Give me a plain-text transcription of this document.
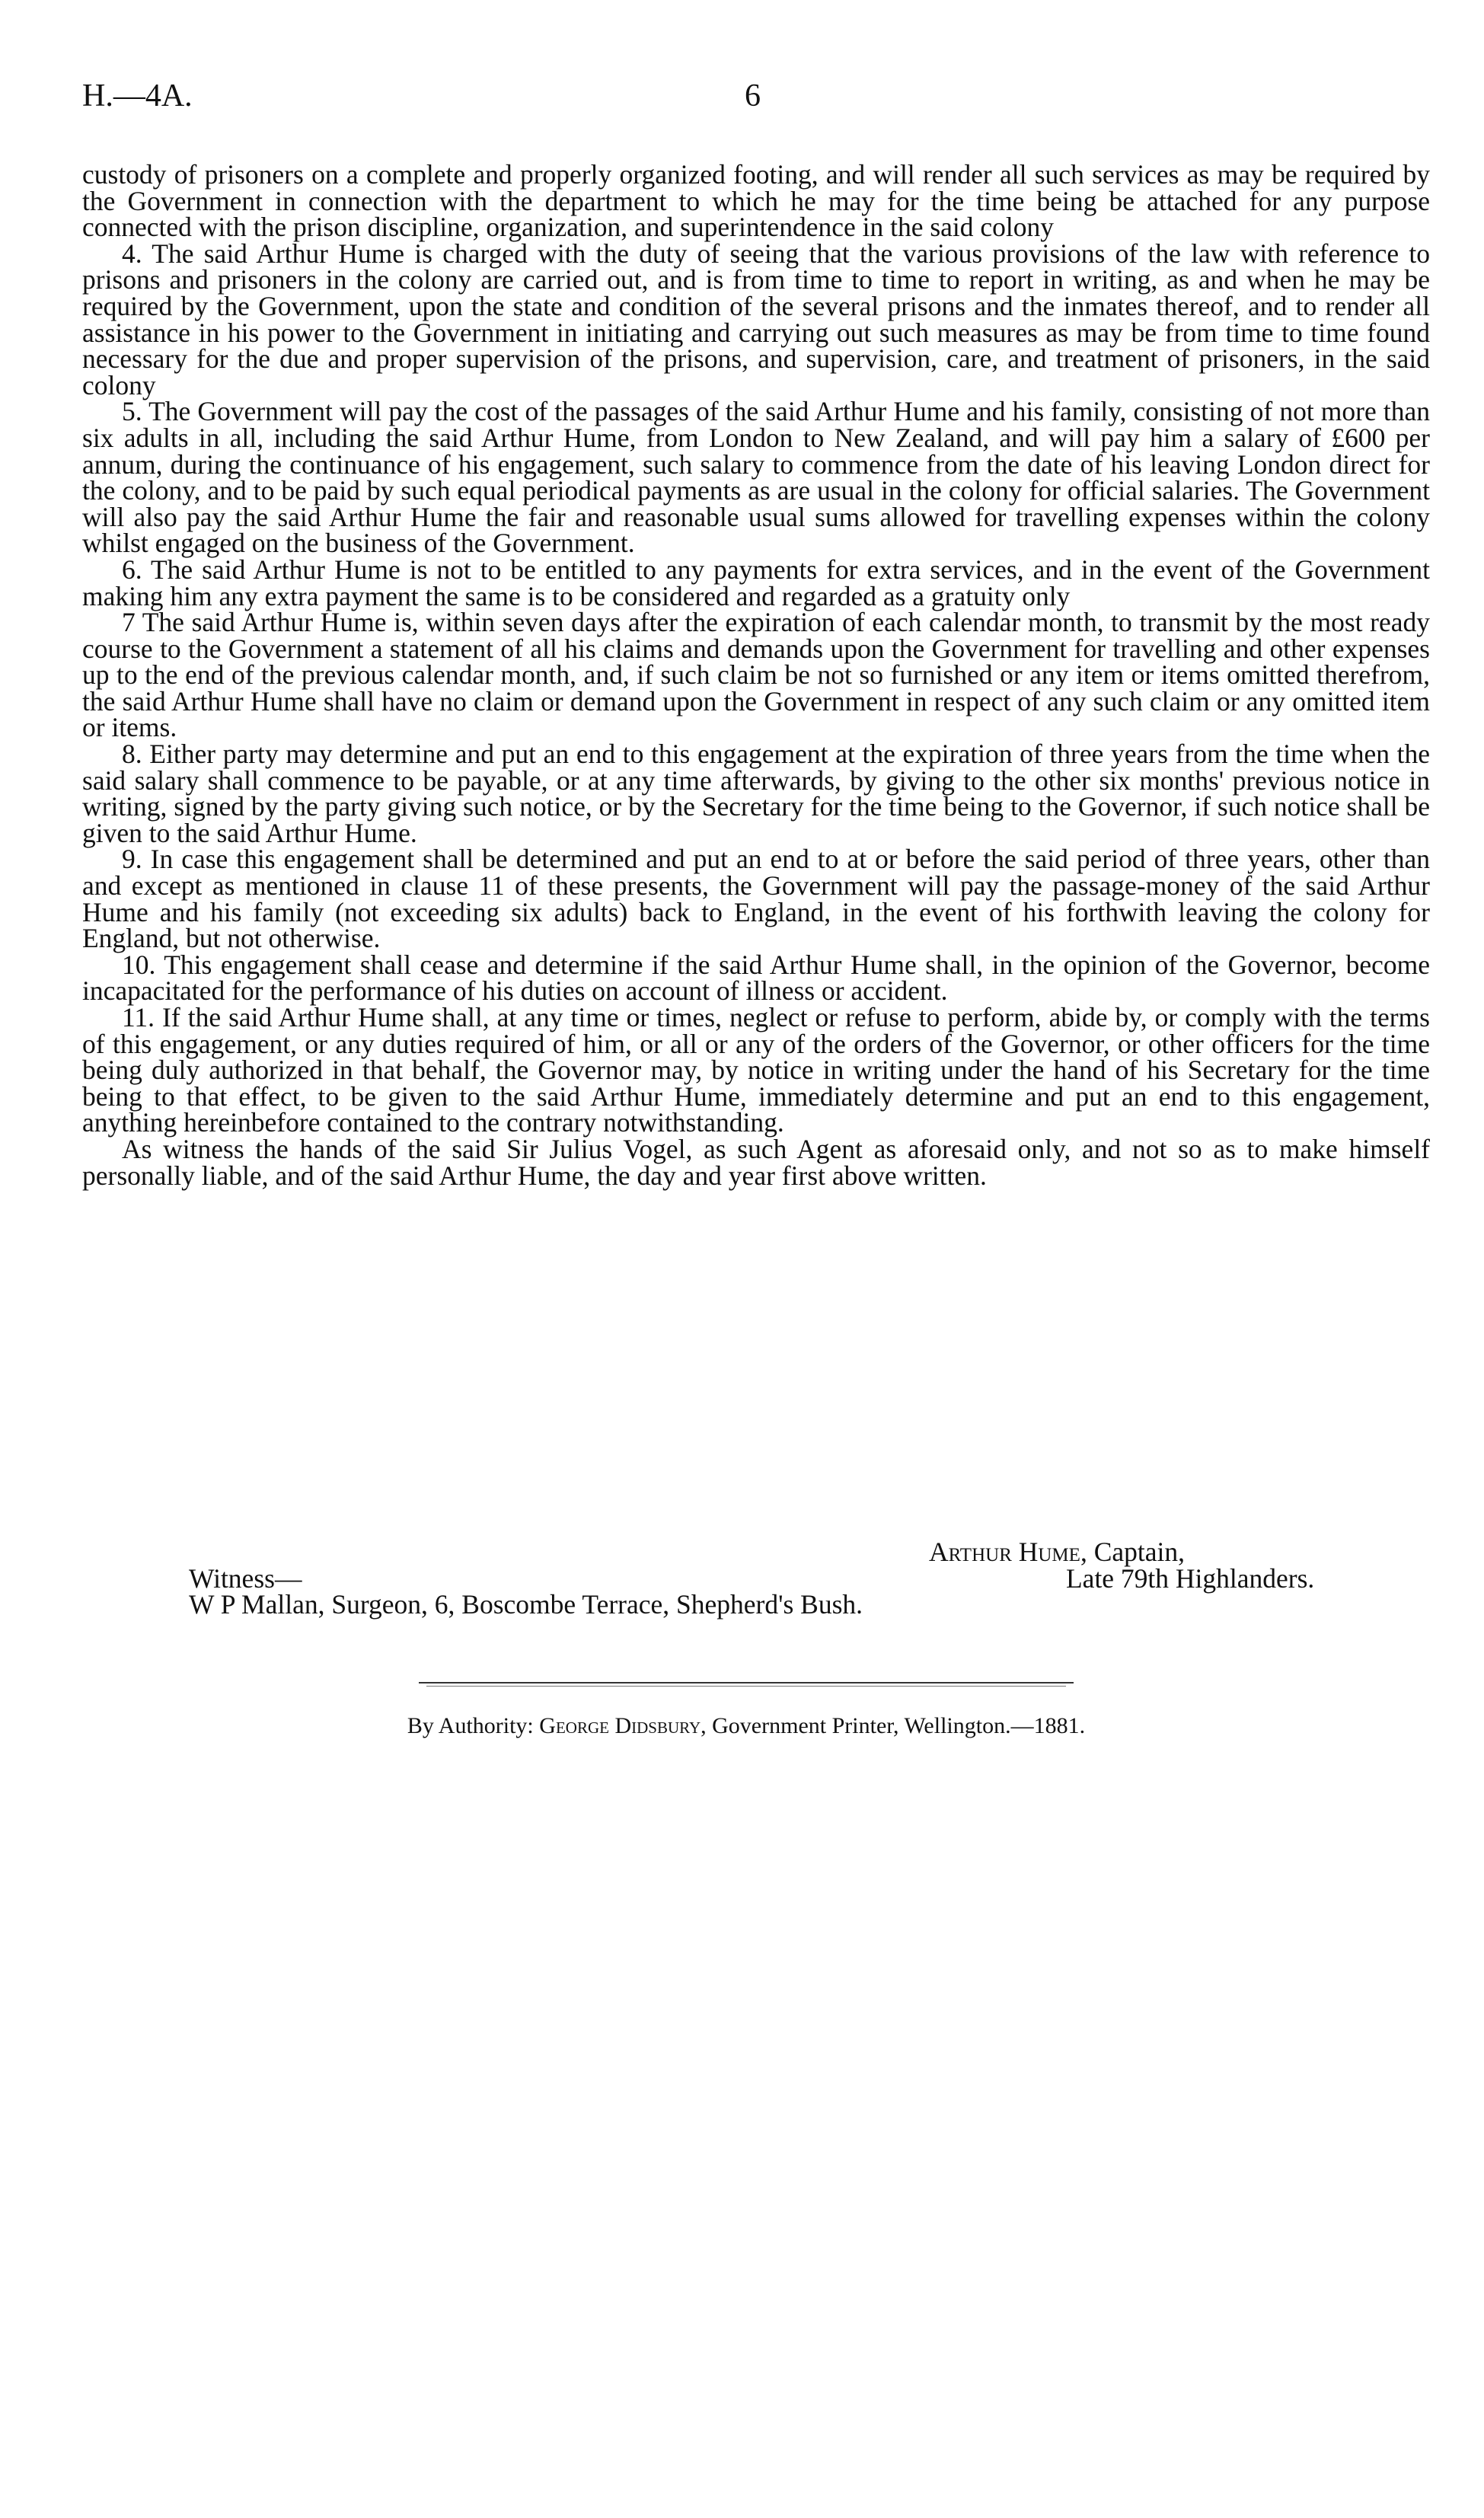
H.—4A.	6

custody of prisoners on a complete and properly organized footing, and will render all such services as may be required by the Government in connection with the department to which he may for the time being be attached for any purpose connected with the prison discipline, organization, and superintendence in the said colony

4. The said Arthur Hume is charged with the duty of seeing that the various provisions of the law with reference to prisons and prisoners in the colony are carried out, and is from time to time to report in writing, as and when he may be required by the Government, upon the state and condition of the several prisons and the inmates thereof, and to render all assistance in his power to the Government in initiating and carrying out such measures as may be from time to time found necessary for the due and proper supervision of the prisons, and supervision, care, and treatment of prisoners, in the said colony

5. The Government will pay the cost of the passages of the said Arthur Hume and his family, consisting of not more than six adults in all, including the said Arthur Hume, from London to New Zealand, and will pay him a salary of £600 per annum, during the continuance of his engagement, such salary to commence from the date of his leaving London direct for the colony, and to be paid by such equal periodical payments as are usual in the colony for official salaries. The Government will also pay the said Arthur Hume the fair and reasonable usual sums allowed for travelling expenses within the colony whilst engaged on the business of the Government.

6. The said Arthur Hume is not to be entitled to any payments for extra services, and in the event of the Government making him any extra payment the same is to be considered and regarded as a gratuity only

7 The said Arthur Hume is, within seven days after the expiration of each calendar month, to transmit by the most ready course to the Government a statement of all his claims and demands upon the Government for travelling and other expenses up to the end of the previous calendar month, and, if such claim be not so furnished or any item or items omitted therefrom, the said Arthur Hume shall have no claim or demand upon the Government in respect of any such claim or any omitted item or items.

8. Either party may determine and put an end to this engagement at the expiration of three years from the time when the said salary shall commence to be payable, or at any time afterwards, by giving to the other six months' previous notice in writing, signed by the party giving such notice, or by the Secretary for the time being to the Governor, if such notice shall be given to the said Arthur Hume.

9. In case this engagement shall be determined and put an end to at or before the said period of three years, other than and except as mentioned in clause 11 of these presents, the Government will pay the passage-money of the said Arthur Hume and his family (not exceeding six adults) back to England, in the event of his forthwith leaving the colony for England, but not otherwise.

10. This engagement shall cease and determine if the said Arthur Hume shall, in the opinion of the Governor, become incapacitated for the performance of his duties on account of illness or accident.

11. If the said Arthur Hume shall, at any time or times, neglect or refuse to perform, abide by, or comply with the terms of this engagement, or any duties required of him, or all or any of the orders of the Governor, or other officers for the time being duly authorized in that behalf, the Governor may, by notice in writing under the hand of his Secretary for the time being to that effect, to be given to the said Arthur Hume, immediately determine and put an end to this engagement, anything hereinbefore contained to the contrary notwithstanding.

As witness the hands of the said Sir Julius Vogel, as such Agent as aforesaid only, and not so as to make himself personally liable, and of the said Arthur Hume, the day and year first above written.

Arthur Hume, Captain,
Witness—	Late 79th Highlanders.
W P Mallan, Surgeon, 6, Boscombe Terrace, Shepherd's Bush.
By Authority: George Didsbury, Government Printer, Wellington.—1881.
